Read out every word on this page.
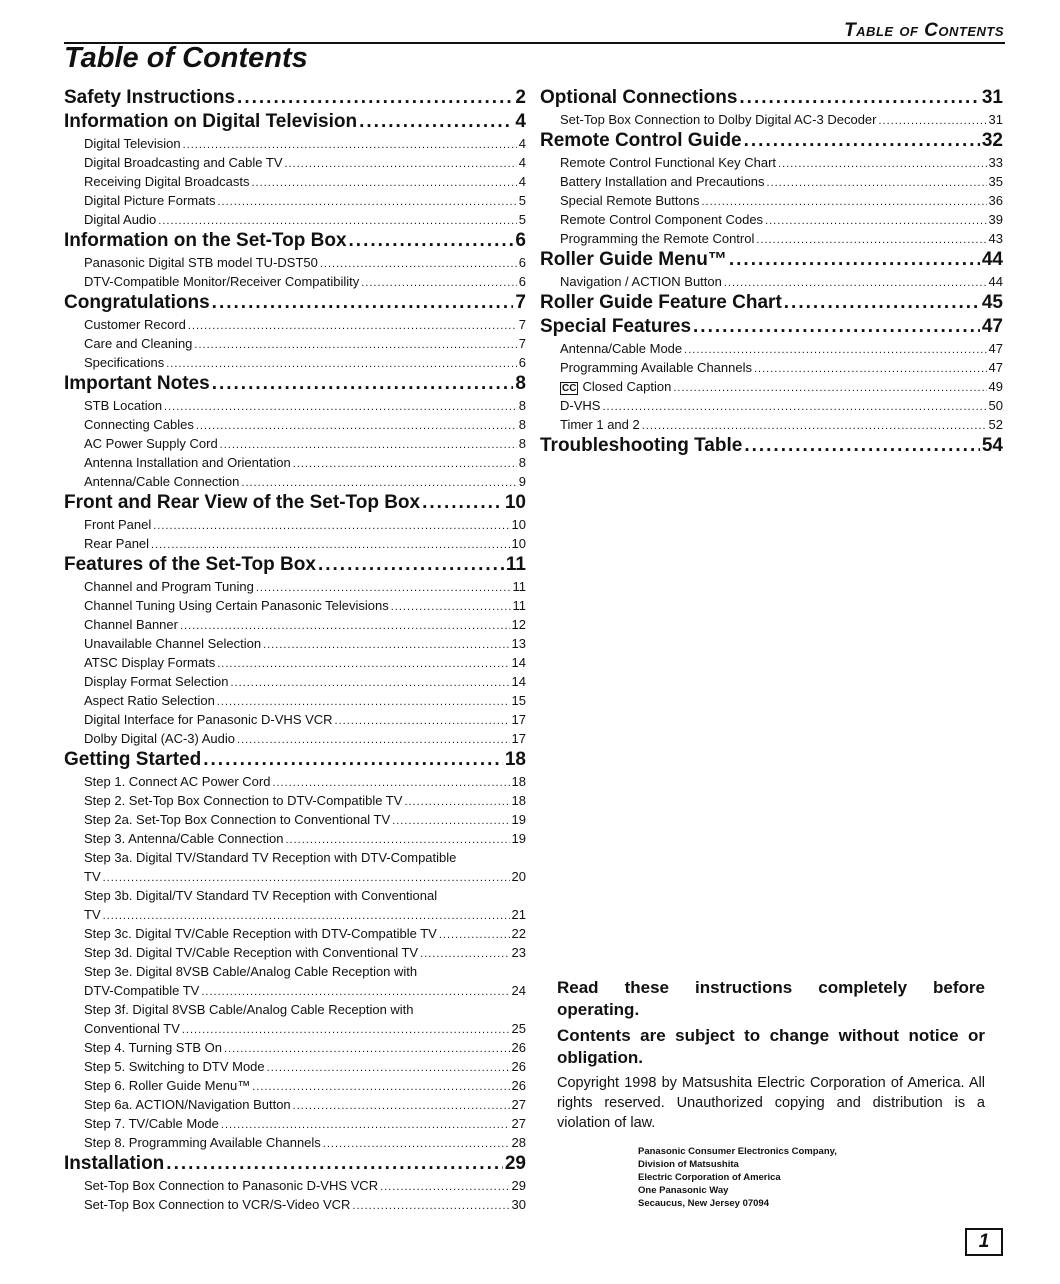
Table of Contents
Table of Contents
Safety Instructions .....	2
Information on Digital Television .....	4
Digital Television .....	4
Digital Broadcasting and Cable TV .....	4
Receiving Digital Broadcasts .....	4
Digital Picture Formats .....	5
Digital Audio .....	5
Information on the Set-Top Box .....	6
Panasonic Digital STB model TU-DST50 .....	6
DTV-Compatible Monitor/Receiver Compatibility .....	6
Congratulations .....	7
Customer Record .....	7
Care and Cleaning .....	7
Specifications .....	6
Important Notes .....	8
STB Location .....	8
Connecting Cables .....	8
AC Power Supply Cord .....	8
Antenna Installation and Orientation .....	8
Antenna/Cable Connection .....	9
Front and Rear View of the Set-Top Box .....	10
Front Panel .....	10
Rear Panel .....	10
Features of the Set-Top Box .....	11
Channel and Program Tuning .....	11
Channel Tuning Using Certain Panasonic Televisions .....	11
Channel Banner .....	12
Unavailable Channel Selection .....	13
ATSC Display Formats .....	14
Display Format Selection .....	14
Aspect Ratio Selection .....	15
Digital Interface for Panasonic D-VHS VCR .....	17
Dolby Digital (AC-3) Audio .....	17
Getting Started .....	18
Step 1. Connect AC Power Cord .....	18
Step 2. Set-Top Box Connection to DTV-Compatible TV .....	18
Step 2a. Set-Top Box Connection to Conventional TV .....	19
Step 3. Antenna/Cable Connection .....	19
Step 3a. Digital TV/Standard TV Reception with DTV-Compatible
TV .....	20
Step 3b. Digital/TV Standard TV Reception with Conventional
TV .....	21
Step 3c. Digital TV/Cable Reception with DTV-Compatible TV .....	22
Step 3d. Digital TV/Cable Reception with Conventional TV .....	23
Step 3e. Digital 8VSB Cable/Analog Cable Reception with
DTV-Compatible TV .....	24
Step 3f. Digital 8VSB Cable/Analog Cable Reception with
Conventional TV .....	25
Step 4. Turning STB On .....	26
Step 5. Switching to DTV Mode .....	26
Step 6. Roller Guide Menu™ .....	26
Step 6a. ACTION/Navigation Button .....	27
Step 7. TV/Cable Mode .....	27
Step 8. Programming Available Channels .....	28
Installation .....	29
Set-Top Box Connection to Panasonic D-VHS VCR .....	29
Set-Top Box Connection to VCR/S-Video VCR .....	30
Optional Connections .....	31
Set-Top Box Connection to Dolby Digital AC-3 Decoder .....	31
Remote Control Guide .....	32
Remote Control Functional Key Chart .....	33
Battery Installation and Precautions .....	35
Special Remote Buttons .....	36
Remote Control Component Codes .....	39
Programming the Remote Control .....	43
Roller Guide Menu™ .....	44
Navigation / ACTION Button .....	44
Roller Guide Feature Chart .....	45
Special Features .....	47
Antenna/Cable Mode .....	47
Programming Available Channels .....	47
CC Closed Caption .....	49
D-VHS .....	50
Timer 1 and 2 .....	52
Troubleshooting Table .....	54
Read these instructions completely before operating.
Contents are subject to change without notice or obligation.
Copyright 1998 by Matsushita Electric Corporation of America. All rights reserved. Unauthorized copying and distribution is a violation of law.
Panasonic Consumer Electronics Company,
Division of Matsushita
Electric Corporation of America
One Panasonic Way
Secaucus, New Jersey 07094
1
